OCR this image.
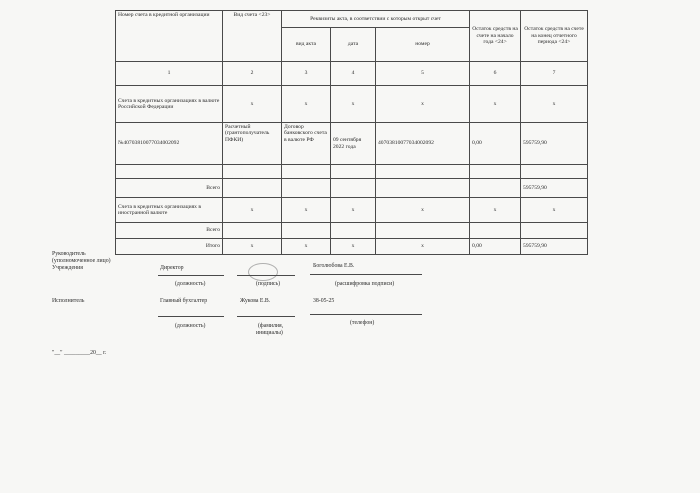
Номер счета в кредитной организации	Вид счета <23>	Реквизиты акта, в соответствии с которым открыт счет			Остаток средств на счете на начало года <24>	Остаток средств на счете на конец отчетного периода <24>
		вид акта	дата	номер		
1	2	3	4	5	6	7
Счета в кредитных организациях в валюте Российской Федерации	x	x	x	x	x	x
№40703810077034002092	Расчетный (грантополучатель ПФКИ)	Договор банковского счета в валюте РФ	09 сентября 2022 года	40703810077034002092	0,00	595759,90

Всего						595759,90
Счета в кредитных организациях в иностранной валюте	x	x	x	x	x	x
Всего						
Итого	x	x	x	x	0,00	595759,90
Руководитель
(уполномоченное лицо)
Учреждения	Директор
(должность)	(подпись)
Боголюбова Е.В.
(расшифровка подписи)
Исполнитель	Главный бухгалтер
(должность)
Жукова Е.В.
(фамилия,
инициалы)
38-05-25
(телефон)
"__" _________20__ г.
